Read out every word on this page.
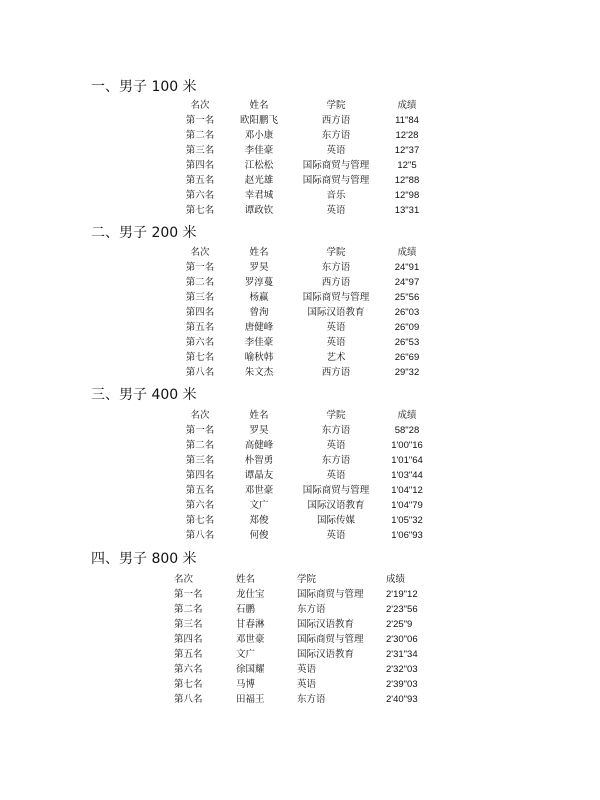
一、男子 100 米
名次	姓名	学院	成绩
第一名	欧阳鹏飞	西方语	11"84
第二名	邓小康	东方语	12'28
第三名	李佳豪	英语	12"37
第四名	江松松	国际商贸与管理	12"5
第五名	赵光雄	国际商贸与管理	12"88
第六名	幸君城	音乐	12"98
第七名	谭政钦	英语	13"31
二、男子 200 米
名次	姓名	学院	成绩
第一名	罗昊	东方语	24"91
第二名	罗淳蔓	西方语	24"97
第三名	杨赢	国际商贸与管理	25"56
第四名	曾洵	国际汉语教育	26"03
第五名	唐健峰	英语	26"09
第六名	李佳豪	英语	26"53
第七名	喻秋韩	艺术	26"69
第八名	朱文杰	西方语	29"32
三、男子 400 米
名次	姓名	学院	成绩
第一名	罗昊	东方语	58"28
第二名	高健峰	英语	1'00"16
第三名	朴智勇	东方语	1'01"64
第四名	谭晶友	英语	1'03"44
第五名	邓世豪	国际商贸与管理	1'04"12
第六名	文广	国际汉语教育	1'04"79
第七名	郑俊	国际传媒	1'05"32
第八名	何俊	英语	1'06"93
四、男子 800 米
名次	姓名	学院	成绩
第一名	龙仕宝	国际商贸与管理	2'19"12
第二名	石鹏	东方语	2'23"56
第三名	甘春淋	国际汉语教育	2'25"9
第四名	邓世豪	国际商贸与管理	2'30"06
第五名	文广	国际汉语教育	2'31"34
第六名	徐国耀	英语	2'32"03
第七名	马博	英语	2'39"03
第八名	田福王	东方语	2'40"93
